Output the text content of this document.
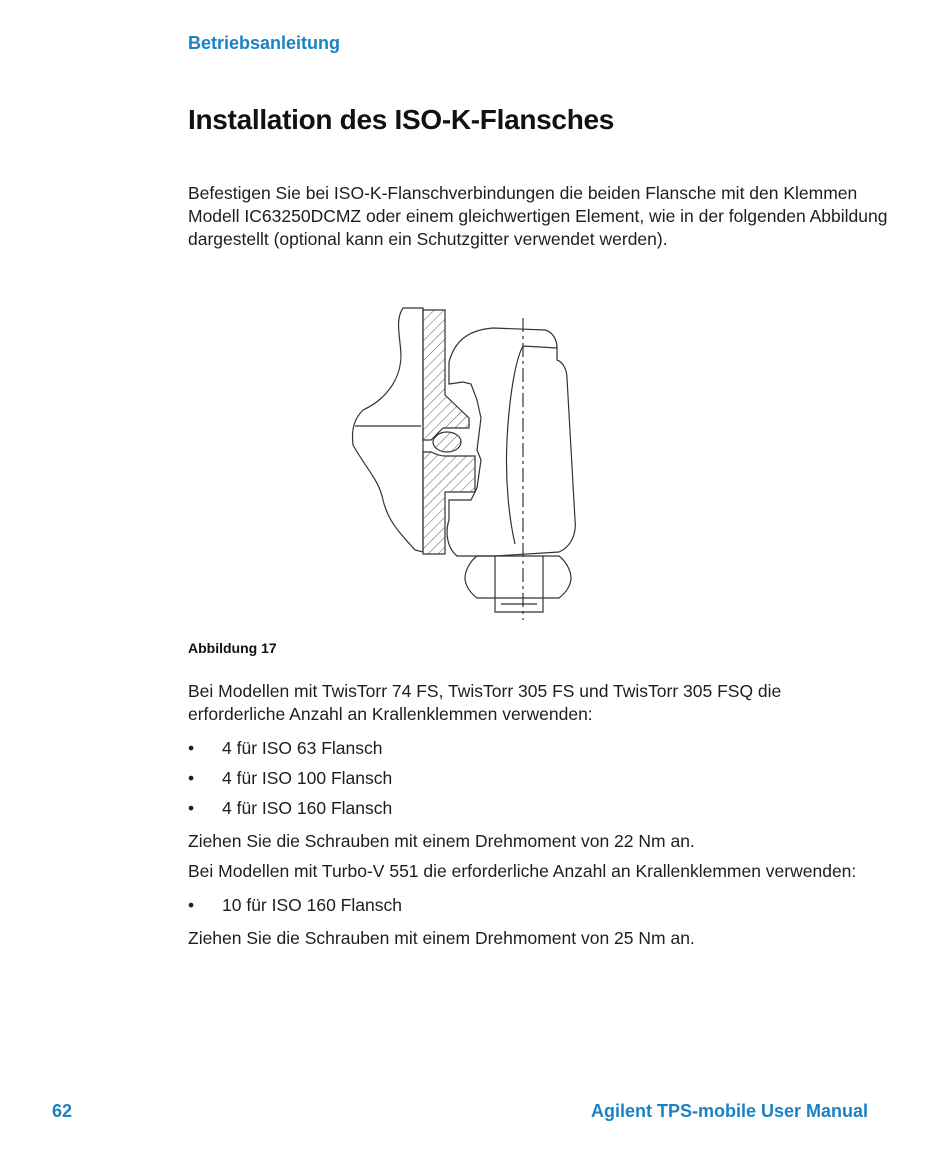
Betriebsanleitung
Installation des ISO-K-Flansches

Befestigen Sie bei ISO-K-Flanschverbindungen die beiden Flansche mit den Klemmen Modell IC63250DCMZ oder einem gleichwertigen Element, wie in der folgenden Abbildung dargestellt (optional kann ein Schutzgitter verwendet werden).

Abbildung 17

Bei Modellen mit TwisTorr 74 FS, TwisTorr 305 FS und TwisTorr 305 FSQ die erforderliche Anzahl an Krallenklemmen verwenden:

• 4 für ISO 63 Flansch
• 4 für ISO 100 Flansch
• 4 für ISO 160 Flansch

Ziehen Sie die Schrauben mit einem Drehmoment von 22 Nm an.

Bei Modellen mit Turbo-V 551 die erforderliche Anzahl an Krallenklemmen verwenden:

• 10 für ISO 160 Flansch

Ziehen Sie die Schrauben mit einem Drehmoment von 25 Nm an.

62	Agilent TPS-mobile User Manual
